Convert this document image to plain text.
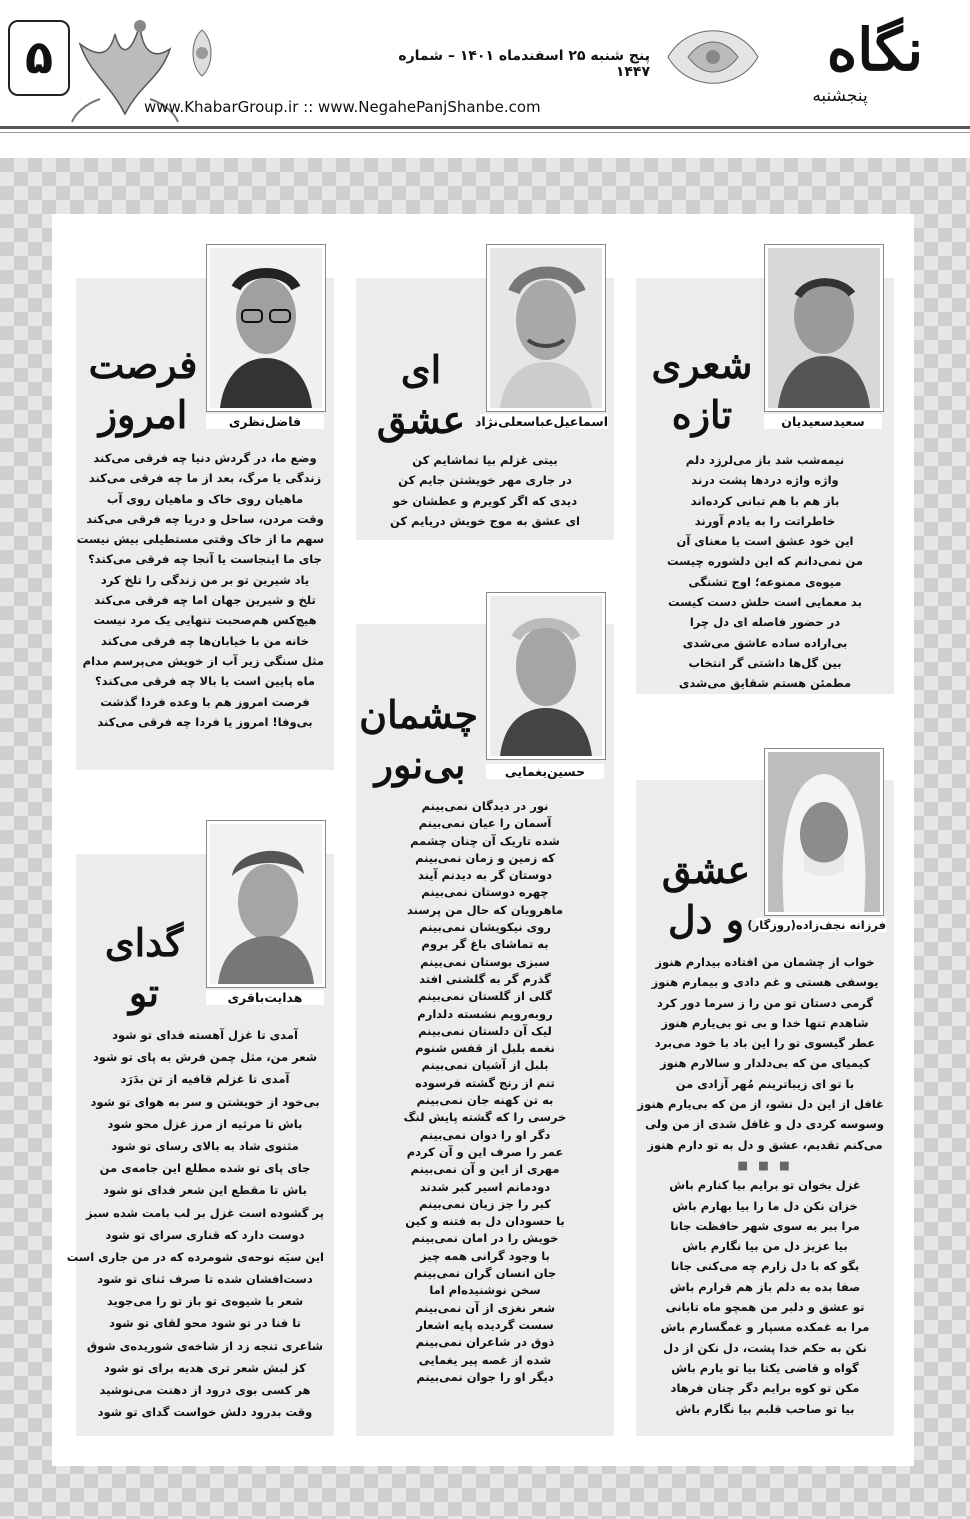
۵	پنج شنبه ۲۵ اسفندماه ۱۴۰۱ – شماره ۱۴۴۷	نگاه
پنجشنبه
www.KhabarGroup.ir :: www.NegahePanjShanbe.com
سعیدسعیدیان
شعری
تازه
نیمه‌شب شد باز می‌لرزد دلم
واژه واژه دردها پشت درند
باز هم با هم تبانی کرده‌اند
خاطراتت را به یادم آورند
این خود عشق است یا معنای آن
من نمی‌دانم که این دلشوره چیست
میوه‌ی ممنوعه؛ اوج تشنگی
بد معمایی است حلش دست کیست
در حضور فاصله ای دل چرا
بی‌اراده ساده عاشق می‌شدی
بین گل‌ها داشتی گر انتخاب
مطمئن هستم شقایق می‌شدی
اسماعیل‌عباسعلی‌نژاد
ای
عشق
بیتی غزلم بیا تماشایم کن
در جاری مهر خویشتن جایم کن
دیدی که اگر کویرم و عطشان خو
ای عشق به موج خویش دریایم کن
فاضل‌نظری
فرصت
امروز
وضع ما، در گردش دنیا چه فرقی می‌کند
زندگی یا مرگ، بعد از ما چه فرقی می‌کند
ماهیان روی خاک و ماهیان روی آب
وقت مردن، ساحل و دریا چه فرقی می‌کند
سهم ما از خاک وقتی مستطیلی بیش نیست
جای ما اینجاست یا آنجا چه فرقی می‌کند؟
یاد شیرین تو بر من زندگی را تلخ کرد
تلخ و شیرین جهان اما چه فرقی می‌کند
هیچ‌کس هم‌صحبت تنهایی یک مرد نیست
خانه من با خیابان‌ها چه فرقی می‌کند
مثل سنگی زیر آب از خویش می‌پرسم مدام
ماه پایین است یا بالا چه فرقی می‌کند؟
فرصت امروز هم با وعده فردا گذشت
بی‌وفا! امروز یا فردا چه فرقی می‌کند
حسین‌یغمایی
چشمان
بی‌نور
نور در دیدگان نمی‌بینم
آسمان را عیان نمی‌بینم
شده تاریک آن چنان چشمم
که زمین و زمان نمی‌بینم
دوستان گر به دیدنم آیند
چهره دوستان نمی‌بینم
ماهرویان که حال من پرسند
روی نیکویشان نمی‌بینم
به تماشای باغ گر بروم
سبزی بوستان نمی‌بینم
گذرم گر به گلشنی افتد
گلی از گلستان نمی‌بینم
روبه‌رویم نشسته دلدارم
لیک آن دلستان نمی‌بینم
نغمه بلبل از قفس شنوم
بلبل از آشیان نمی‌بینم
تنم از رنج گشته فرسوده
به تن کهنه جان نمی‌بینم
خرسی را که گشته پایش لنگ
دگر او را دوان نمی‌بینم
عمر را صرف این و آن کردم
مهری از این و آن نمی‌بینم
دودمانم اسیر کبر شدند
کبر را جز زیان نمی‌بینم
با حسودان دل به فتنه و کین
خویش را در امان نمی‌بینم
با وجود گرانی همه چیز
جان انسان گران نمی‌بینم
سخن نوشنیده‌ام اما
شعر نغزی از آن نمی‌بینم
سست گردیده پایه اشعار
ذوق در شاعران نمی‌بینم
شده از غصه پیر یغمایی
دیگر او را جوان نمی‌بینم
فرزانه نجف‌زاده(روزگار)
عشق
و دل
خواب از چشمان من افتاده بیدارم هنوز
یوسفی هستی و غم دادی و بیمارم هنوز
گرمی دستان تو من را ز سرما دور کرد
شاهدم تنها خدا و بی تو بی‌یارم هنوز
عطر گیسوی تو را این باد با خود می‌برد
کیمیای من که بی‌دلدار و سالارم هنوز
با تو ای زیباترینم مُهر آزادی من
غافل از این دل نشو، از من که بی‌یارم هنوز
وسوسه کردی دل و غافل شدی از من ولی
می‌کنم تقدیم، عشق و دل به تو دارم هنوز
■ ■ ■
غزل بخوان تو برایم بیا کنارم باش
خزان نکن دل ما را بیا بهارم باش
مرا ببر به سوی شهر حافظت جانا
بیا عزیز دل من بیا نگارم باش
بگو که با دل زارم چه می‌کنی جانا
صفا بده به دلم باز هم قرارم باش
تو عشق و دلبر من همچو ماه تابانی
مرا به غمکده مسپار و غمگسارم باش
نکن به حکم خدا پشت، دل نکن از دل
گواه و قاضی یکتا بیا تو یارم باش
مکن تو کوه برایم دگر چنان فرهاد
بیا تو صاحب قلبم بیا نگارم باش
هدایت‌باقری
گدای
تو
آمدی تا غزل آهسته فدای تو شود
شعر من، مثل چمن فرش به پای تو شود
آمدی تا غزلم قافیه از تن بدَرَد
بی‌خود از خویشتن و سر به هوای تو شود
باش تا مرثیه از مرز غزل محو شود
مثنوی شاد به بالای رسای تو شود
جای پای تو شده مطلع این جامه‌ی من
باش تا مقطع این شعر فدای تو شود
پر گشوده است غزل بر لب بامت شده سبز
دوست دارد که قناری سرای تو شود
این سیَه نوحه‌ی شومرده که در من جاری است
دست‌افشان شده تا صرف ثنای تو شود
شعر با شیوه‌ی تو باز تو را می‌جوید
تا فنا در تو شود محو لقای تو شود
شاعری تنجه زد از شاخه‌ی شوریده‌ی شوق
کز لبش شعر تری هدیه برای تو شود
هر کسی بوی درود از دهنت می‌نوشید
وقت بدرود دلش خواست گدای تو شود
